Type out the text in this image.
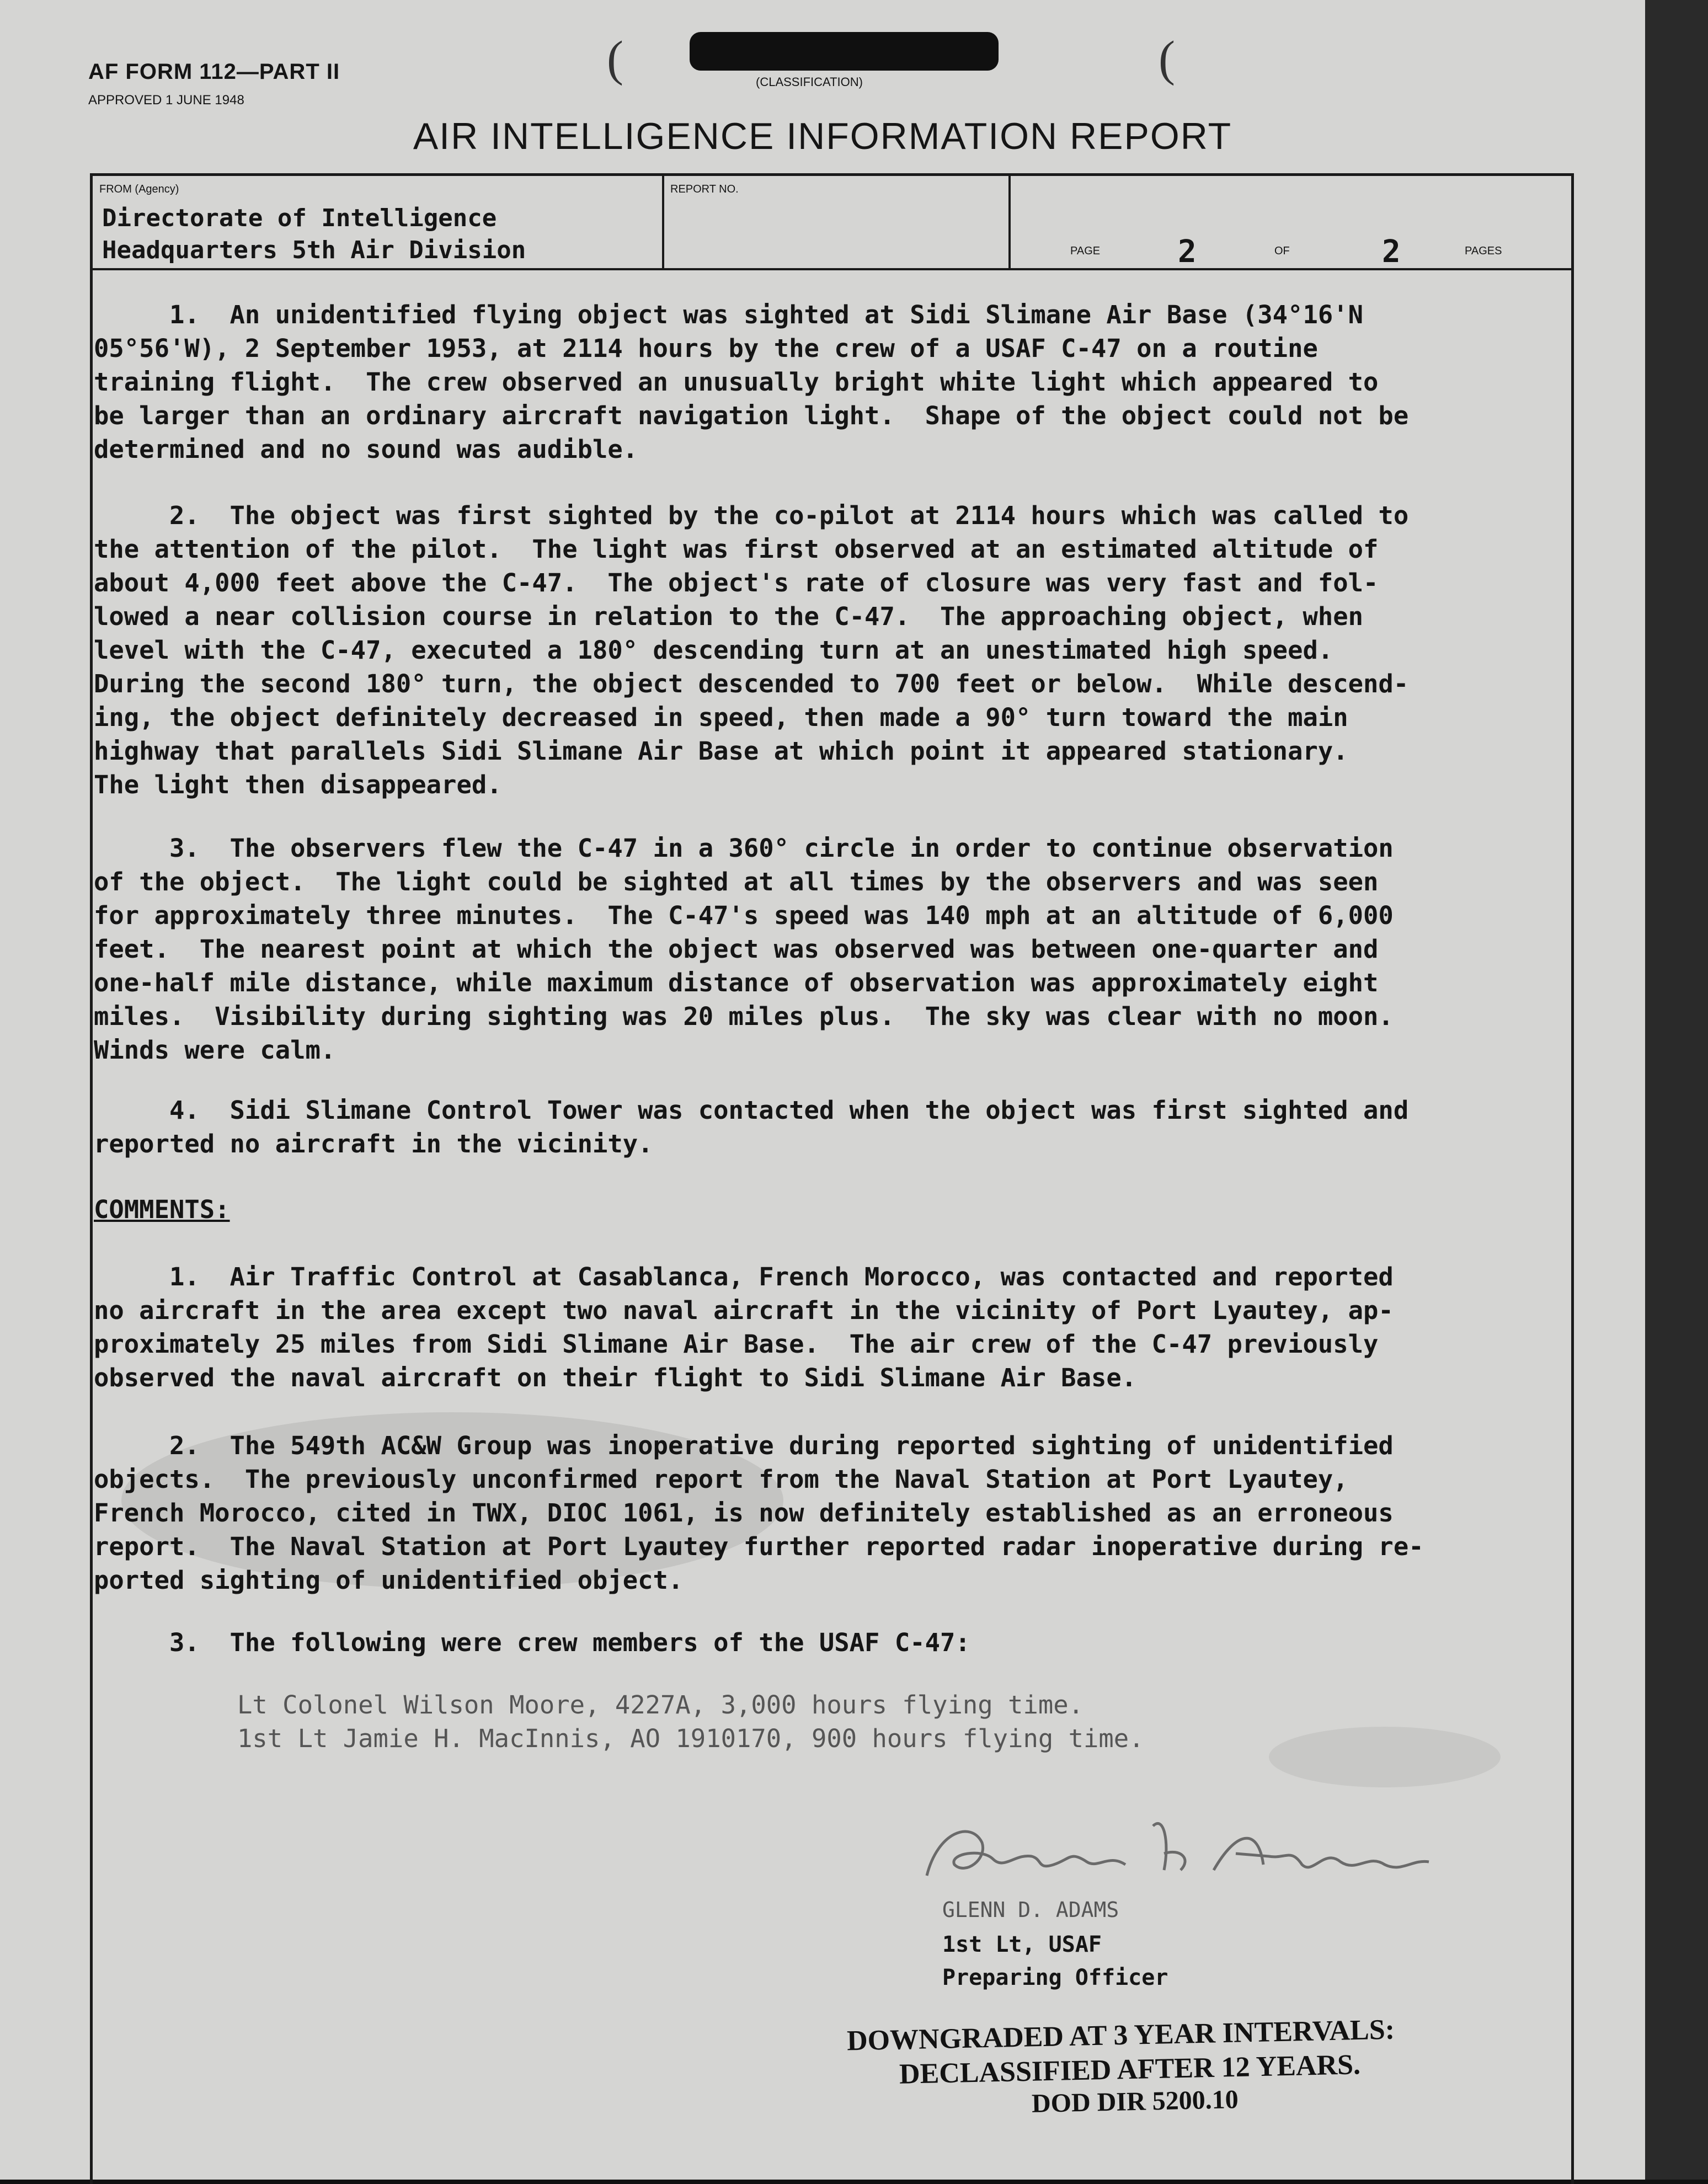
AF FORM 112—PART II
APPROVED 1 JUNE 1948
(	(
(CLASSIFICATION)
AIR INTELLIGENCE INFORMATION REPORT
FROM (Agency)	REPORT NO.
Directorate of Intelligence
Headquarters 5th Air Division	PAGE	2	OF	2	PAGES
1.  An unidentified flying object was sighted at Sidi Slimane Air Base (34°16'N
05°56'W), 2 September 1953, at 2114 hours by the crew of a USAF C-47 on a routine
training flight.  The crew observed an unusually bright white light which appeared to
be larger than an ordinary aircraft navigation light.  Shape of the object could not be
determined and no sound was audible.
2.  The object was first sighted by the co-pilot at 2114 hours which was called to
the attention of the pilot.  The light was first observed at an estimated altitude of
about 4,000 feet above the C-47.  The object's rate of closure was very fast and fol-
lowed a near collision course in relation to the C-47.  The approaching object, when
level with the C-47, executed a 180° descending turn at an unestimated high speed.
During the second 180° turn, the object descended to 700 feet or below.  While descend-
ing, the object definitely decreased in speed, then made a 90° turn toward the main
highway that parallels Sidi Slimane Air Base at which point it appeared stationary.
The light then disappeared.
3.  The observers flew the C-47 in a 360° circle in order to continue observation
of the object.  The light could be sighted at all times by the observers and was seen
for approximately three minutes.  The C-47's speed was 140 mph at an altitude of 6,000
feet.  The nearest point at which the object was observed was between one-quarter and
one-half mile distance, while maximum distance of observation was approximately eight
miles.  Visibility during sighting was 20 miles plus.  The sky was clear with no moon.
Winds were calm.
4.  Sidi Slimane Control Tower was contacted when the object was first sighted and
reported no aircraft in the vicinity.
COMMENTS:
1.  Air Traffic Control at Casablanca, French Morocco, was contacted and reported
no aircraft in the area except two naval aircraft in the vicinity of Port Lyautey, ap-
proximately 25 miles from Sidi Slimane Air Base.  The air crew of the C-47 previously
observed the naval aircraft on their flight to Sidi Slimane Air Base.
2.  The 549th AC&W Group was inoperative during reported sighting of unidentified
objects.  The previously unconfirmed report from the Naval Station at Port Lyautey,
French Morocco, cited in TWX, DIOC 1061, is now definitely established as an erroneous
report.  The Naval Station at Port Lyautey further reported radar inoperative during re-
ported sighting of unidentified object.
3.  The following were crew members of the USAF C-47:
Lt Colonel Wilson Moore, 4227A, 3,000 hours flying time.
1st Lt Jamie H. MacInnis, AO 1910170, 900 hours flying time.
GLENN D. ADAMS
1st Lt, USAF
Preparing Officer
DOWNGRADED AT 3 YEAR INTERVALS:
DECLASSIFIED AFTER 12 YEARS.
DOD DIR 5200.10
